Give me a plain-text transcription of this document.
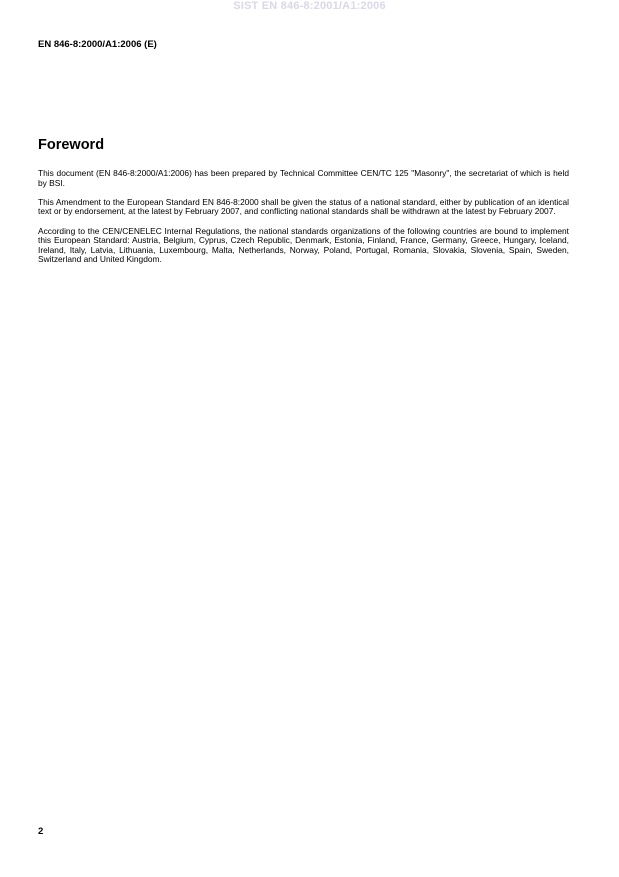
SIST EN 846-8:2001/A1:2006
EN 846-8:2000/A1:2006 (E)
Foreword

This document (EN 846-8:2000/A1:2006) has been prepared by Technical Committee CEN/TC 125 "Masonry", the secretariat of which is held by BSI.

This Amendment to the European Standard EN 846-8:2000 shall be given the status of a national standard, either by publication of an identical text or by endorsement, at the latest by February 2007, and conflicting national standards shall be withdrawn at the latest by February 2007.

According to the CEN/CENELEC Internal Regulations, the national standards organizations of the following countries are bound to implement this European Standard: Austria, Belgium, Cyprus, Czech Republic, Denmark, Estonia, Finland, France, Germany, Greece, Hungary, Iceland, Ireland, Italy, Latvia, Lithuania, Luxembourg, Malta, Netherlands, Norway, Poland, Portugal, Romania, Slovakia, Slovenia, Spain, Sweden, Switzerland and United Kingdom.

2
